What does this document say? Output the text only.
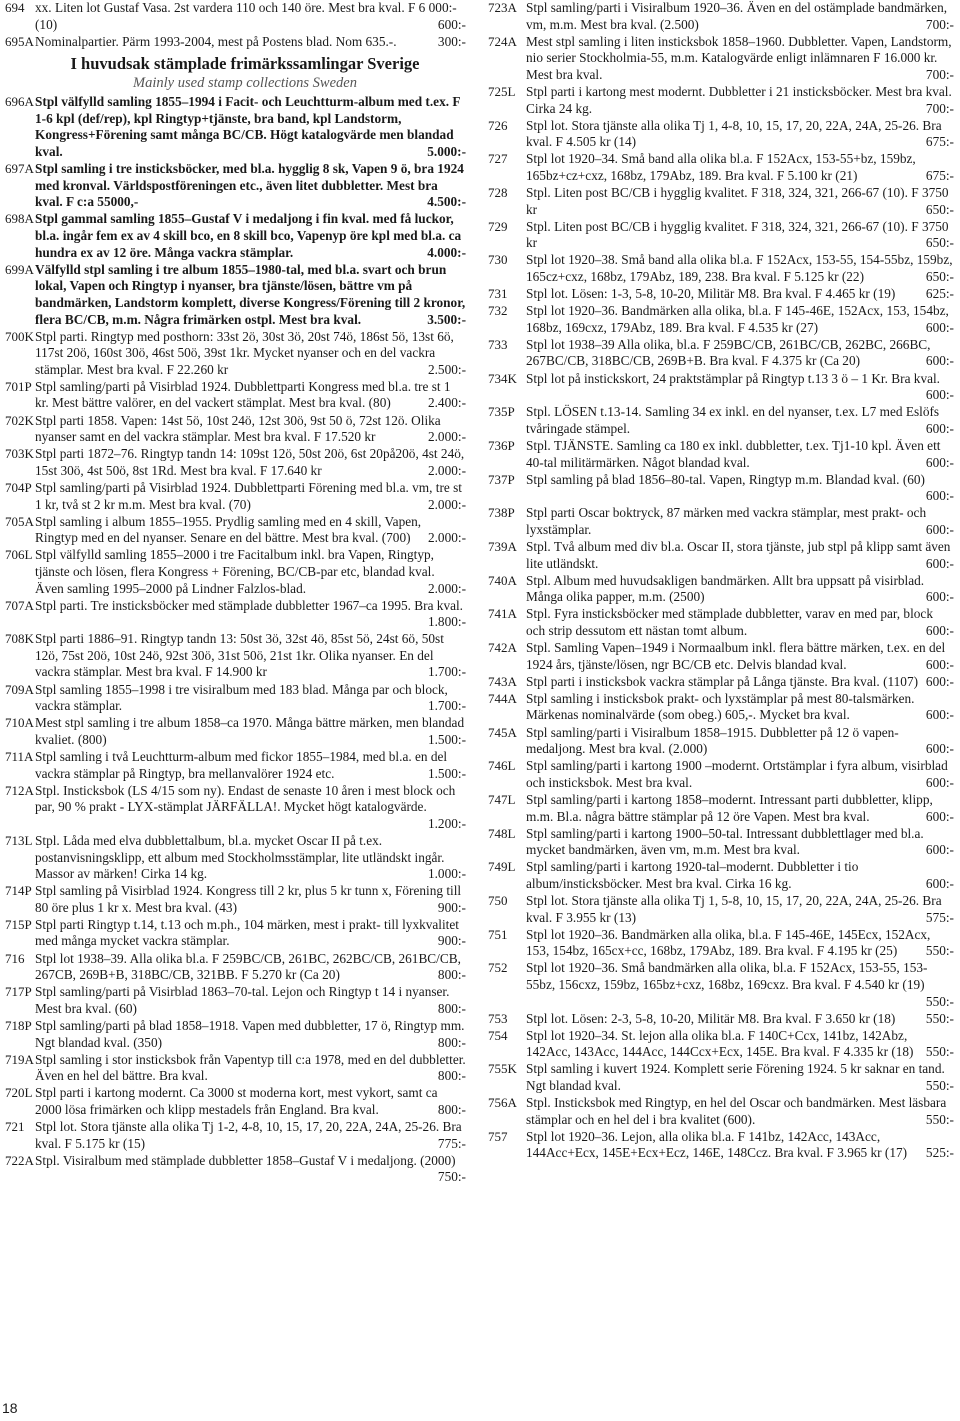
694 xx. Liten lot Gustaf Vasa. 2st vardera 110 och 140 öre. Mest bra kval. F 6 000:- (10)	600:-
695A Nominalpartier. Pärm 1993-2004, mest på Postens blad. Nom 635.-.	300:-
I huvudsak stämplade frimärkssamlingar Sverige
Mainly used stamp collections Sweden
696A Stpl välfylld samling 1855–1994 i Facit- och Leuchtturm-album med t.ex. F 1-6 kpl (def/rep), kpl Ringtyp+tjänste, bra band, kpl Landstorm, Kongress+Förening samt många BC/CB. Högt katalogvärde men blandad kval.	5.000:-
697A Stpl samling i tre insticksböcker, med bl.a. hygglig 8 sk, Vapen 9 ö, bra 1924 med kronval. Världspostföreningen etc., även litet dubbletter. Mest bra kval. F c:a 55000,-	4.500:-
698A Stpl gammal samling 1855–Gustaf V i medaljong i fin kval. med få luckor, bl.a. ingår fem ex av 4 skill bco, en 8 skill bco, Vapenyp öre kpl med bl.a. ca hundra ex av 12 öre. Många vackra stämplar.	4.000:-
699A Välfylld stpl samling i tre album 1855–1980-tal, med bl.a. svart och brun lokal, Vapen och Ringtyp i nyanser, bra tjänste/lösen, bättre vm på bandmärken, Landstorm komplett, diverse Kongress/Förening till 2 kronor, flera BC/CB, m.m. Några frimärken ostpl. Mest bra kval.	3.500:-
700K Stpl parti. Ringtyp med posthorn: 33st 2ö, 30st 3ö, 20st 74ö, 186st 5ö, 13st 6ö, 117st 20ö, 160st 30ö, 46st 50ö, 39st 1kr. Mycket nyanser och en del vackra stämplar. Mest bra kval. F 22.260 kr	2.500:-
701P Stpl samling/parti på Visirblad 1924. Dubblettparti Kongress med bl.a. tre st 1 kr. Mest bättre valörer, en del vackert stämplat. Mest bra kval. (80)	2.400:-
702K Stpl parti 1858. Vapen: 14st 5ö, 10st 24ö, 12st 30ö, 9st 50 ö, 72st 12ö. Olika nyanser samt en del vackra stämplar. Mest bra kval. F 17.520 kr	2.000:-
703K Stpl parti 1872–76. Ringtyp tandn 14: 109st 12ö, 50st 20ö, 6st 20på20ö, 4st 24ö, 15st 30ö, 4st 50ö, 8st 1Rd. Mest bra kval. F 17.640 kr	2.000:-
704P Stpl samling/parti på Visirblad 1924. Dubblettparti Förening med bl.a. vm, tre st 1 kr, två st 2 kr m.m. Mest bra kval. (70)	2.000:-
705A Stpl samling i album 1855–1955. Prydlig samling med en 4 skill, Vapen, Ringtyp med en del nyanser. Senare en del bättre. Mest bra kval. (700) 2.000:-
706L Stpl välfylld samling 1855–2000 i tre Facitalbum inkl. bra Vapen, Ringtyp, tjänste och lösen, flera Kongress + Förening, BC/CB-par etc, blandad kval. Även samling 1995–2000 på Lindner Falzlos-blad.	2.000:-
707A Stpl parti. Tre insticksböcker med stämplade dubbletter 1967–ca 1995. Bra kval.
1.800:-
708K Stpl parti 1886–91. Ringtyp tandn 13: 50st 3ö, 32st 4ö, 85st 5ö, 24st 6ö, 50st 12ö, 75st 20ö, 10st 24ö, 92st 30ö, 31st 50ö, 21st 1kr. Olika nyanser. En del vackra stämplar. Mest bra kval. F 14.900 kr	1.700:-
709A Stpl samling 1855–1998 i tre visiralbum med 183 blad. Många par och block, vackra stämplar.	1.700:-
710A Mest stpl samling i tre album 1858–ca 1970. Många bättre märken, men blandad kvaliet. (800)	1.500:-
711A Stpl samling i två Leuchtturm-album med fickor 1855–1984, med bl.a. en del vackra stämplar på Ringtyp, bra mellanvalörer 1924 etc.	1.500:-
712A Stpl. Insticksbok (LS 4/15 som ny). Endast de senaste 10 åren i mest block och par, 90 % prakt - LYX-stämplat JÄRFÄLLA!. Mycket högt katalogvärde.
1.200:-
713L Stpl. Låda med elva dubblettalbum, bl.a. mycket Oscar II på t.ex. postanvisningsklipp, ett album med Stockholmsstämplar, lite utländskt ingår. Massor av märken! Cirka 14 kg.	1.000:-
714P Stpl samling på Visirblad 1924. Kongress till 2 kr, plus 5 kr tunn x, Förening till 80 öre plus 1 kr x. Mest bra kval. (43)	900:-
715P Stpl parti Ringtyp t.14, t.13 och m.ph., 104 märken, mest i prakt- till lyxkvalitet med många mycket vackra stämplar.	900:-
716 Stpl lot 1938–39. Alla olika bl.a. F 259BC/CB, 261BC, 262BC/CB, 261BC/CB, 267CB, 269B+B, 318BC/CB, 321BB. F 5.270 kr (Ca 20)	800:-
717P Stpl samling/parti på Visirblad 1863–70-tal. Lejon och Ringtyp t 14 i nyanser. Mest bra kval. (60)	800:-
718P Stpl samling/parti på blad 1858–1918. Vapen med dubbletter, 17 ö, Ringtyp mm. Ngt blandad kval. (350)	800:-
719A Stpl samling i stor insticksbok från Vapentyp till c:a 1978, med en del dubbletter. Även en hel del bättre. Bra kval.	800:-
720L Stpl parti i kartong modernt. Ca 3000 st moderna kort, mest vykort, samt ca 2000 lösa frimärken och klipp mestadels från England. Bra kval.	800:-
721 Stpl lot. Stora tjänste alla olika Tj 1-2, 4-8, 10, 15, 17, 20, 22A, 24A, 25-26. Bra kval. F 5.175 kr (15)	775:-
722A Stpl. Visiralbum med stämplade dubbletter 1858–Gustaf V i medaljong. (2000)
750:-
723A Stpl samling/parti i Visiralbum 1920–36. Även en del ostämplade bandmärken, vm, m.m. Mest bra kval. (2.500)	700:-
724A Mest stpl samling i liten insticksbok 1858–1960. Dubbletter. Vapen, Landstorm, nio serier Stockholmia-55, m.m. Katalogvärde enligt inlämnaren F 16.000 kr. Mest bra kval.	700:-
725L Stpl parti i kartong mest modernt. Dubbletter i 21 insticksböcker. Mest bra kval. Cirka 24 kg.	700:-
726 Stpl lot. Stora tjänste alla olika Tj 1, 4-8, 10, 15, 17, 20, 22A, 24A, 25-26. Bra kval. F 4.505 kr (14)	675:-
727 Stpl lot 1920–34. Små band alla olika bl.a. F 152Acx, 153-55+bz, 159bz, 165bz+cz+cxz, 168bz, 179Abz, 189. Bra kval. F 5.100 kr (21)	675:-
728 Stpl. Liten post BC/CB i hygglig kvalitet. F 318, 324, 321, 266-67 (10). F 3750 kr	650:-
729 Stpl. Liten post BC/CB i hygglig kvalitet. F 318, 324, 321, 266-67 (10). F 3750 kr	650:-
730 Stpl lot 1920–38. Små band alla olika bl.a. F 152Acx, 153-55, 154-55bz, 159bz, 165cz+cxz, 168bz, 179Abz, 189, 238. Bra kval. F 5.125 kr (22)	650:-
731 Stpl lot. Lösen: 1-3, 5-8, 10-20, Militär M8. Bra kval. F 4.465 kr (19) 625:-
732 Stpl lot 1920–36. Bandmärken alla olika, bl.a. F 145-46E, 152Acx, 153, 154bz, 168bz, 169cxz, 179Abz, 189. Bra kval. F 4.535 kr (27)	600:-
733 Stpl lot 1938–39 Alla olika, bl.a. F 259BC/CB, 261BC/CB, 262BC, 266BC, 267BC/CB, 318BC/CB, 269B+B. Bra kval. F 4.375 kr (Ca 20)	600:-
734K Stpl lot på instickskort, 24 praktstämplar på Ringtyp t.13 3 ö – 1 Kr. Bra kval.
600:-
735P Stpl. LÖSEN t.13-14. Samling 34 ex inkl. en del nyanser, t.ex. L7 med Eslöfs tvåringade stämpel.	600:-
736P Stpl. TJÄNSTE. Samling ca 180 ex inkl. dubbletter, t.ex. Tj1-10 kpl. Även ett 40-tal militärmärken. Något blandad kval.	600:-
737P Stpl samling på blad 1856–80-tal. Vapen, Ringtyp m.m. Blandad kval. (60)
600:-
738P Stpl parti Oscar boktryck, 87 märken med vackra stämplar, mest prakt- och lyxstämplar.	600:-
739A Stpl. Två album med div bl.a. Oscar II, stora tjänste, jub stpl på klipp samt även lite utländskt.	600:-
740A Stpl. Album med huvudsakligen bandmärken. Allt bra uppsatt på visirblad. Många olika papper, m.m. (2500)	600:-
741A Stpl. Fyra insticksböcker med stämplade dubbletter, varav en med par, block och strip dessutom ett nästan tomt album.	600:-
742A Stpl. Samling Vapen–1949 i Normaalbum inkl. flera bättre märken, t.ex. en del 1924 års, tjänste/lösen, ngr BC/CB etc. Delvis blandad kval.	600:-
743A Stpl parti i insticksbok vackra stämplar på Långa tjänste. Bra kval. (1107) 600:-
744A Stpl samling i insticksbok prakt- och lyxstämplar på mest 80-talsmärken. Märkenas nominalvärde (som obeg.) 605,-. Mycket bra kval.	600:-
745A Stpl samling/parti i Visiralbum 1858–1915. Dubbletter på 12 ö vapen-medaljong. Mest bra kval. (2.000)	600:-
746L Stpl samling/parti i kartong 1900 –modernt. Ortstämplar i fyra album, visirblad och insticksbok. Mest bra kval.	600:-
747L Stpl samling/parti i kartong 1858–modernt. Intressant parti dubbletter, klipp, m.m. Bl.a. några bättre stämplar på 12 öre Vapen. Mest bra kval.	600:-
748L Stpl samling/parti i kartong 1900–50-tal. Intressant dubblettlager med bl.a. mycket bandmärken, även vm, m.m. Mest bra kval.	600:-
749L Stpl samling/parti i kartong 1920-tal–modernt. Dubbletter i tio album/insticksböcker. Mest bra kval. Cirka 16 kg.	600:-
750 Stpl lot. Stora tjänste alla olika Tj 1, 5-8, 10, 15, 17, 20, 22A, 24A, 25-26. Bra kval. F 3.955 kr (13)	575:-
751 Stpl lot 1920–36. Bandmärken alla olika, bl.a. F 145-46E, 145Ecx, 152Acx, 153, 154bz, 165cx+cc, 168bz, 179Abz, 189. Bra kval. F 4.195 kr (25) 550:-
752 Stpl lot 1920–36. Små bandmärken alla olika, bl.a. F 152Acx, 153-55, 153-55bz, 156cxz, 159bz, 165bz+cxz, 168bz, 169cxz. Bra kval. F 4.540 kr (19)
550:-
753 Stpl lot. Lösen: 2-3, 5-8, 10-20, Militär M8. Bra kval. F 3.650 kr (18) 550:-
754 Stpl lot 1920–34. St. lejon alla olika bl.a. F 140C+Ccx, 141bz, 142Abz, 142Acc, 143Acc, 144Acc, 144Ccx+Ecx, 145E. Bra kval. F 4.335 kr (18) 550:-
755K Stpl samling i kuvert 1924. Komplett serie Förening 1924. 5 kr saknar en tand. Ngt blandad kval.	550:-
756A Stpl. Insticksbok med Ringtyp, en hel del Oscar och bandmärken. Mest läsbara stämplar och en hel del i bra kvalitet (600).	550:-
757 Stpl lot 1920–36. Lejon, alla olika bl.a. F 141bz, 142Acc, 143Acc, 144Acc+Ecx, 145E+Ecx+Ecz, 146E, 148Ccz. Bra kval. F 3.965 kr (17) 525:-
18
